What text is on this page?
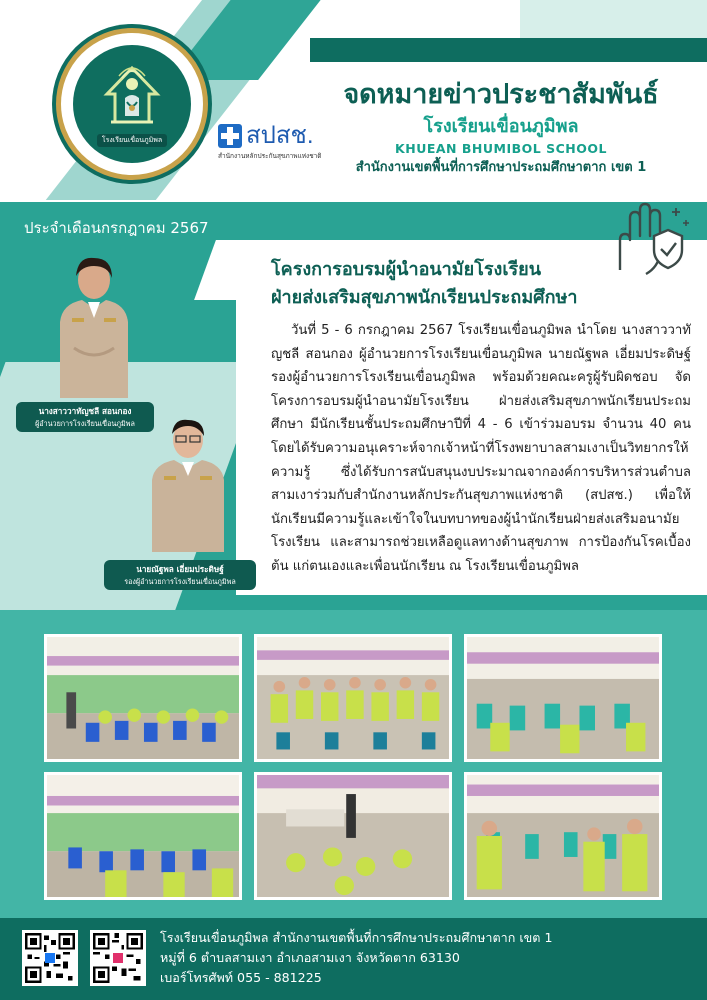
โรงเรียนเขื่อนภูมิพล	สปสช.
สำนักงานหลักประกันสุขภาพแห่งชาติ
จดหมายข่าวประชาสัมพันธ์
โรงเรียนเขื่อนภูมิพล
KHUEAN BHUMIBOL SCHOOL
สำนักงานเขตพื้นที่การศึกษาประถมศึกษาตาก เขต 1
ประจำเดือนกรกฎาคม 2567
โครงการอบรมผู้นำอนามัยโรงเรียน
ฝ่ายส่งเสริมสุขภาพนักเรียนประถมศึกษา

วันที่ 5 - 6 กรกฎาคม 2567 โรงเรียนเขื่อนภูมิพล นำโดย นางสาววาทัญชลี สอนกอง ผู้อำนวยการโรงเรียนเขื่อนภูมิพล นายณัฐพล เอี่ยมประดิษฐ์ รองผู้อำนวยการโรงเรียนเขื่อนภูมิพล พร้อมด้วยคณะครูผู้รับผิดชอบ จัดโครงการอบรมผู้นำอนามัยโรงเรียน ฝ่ายส่งเสริมสุขภาพนักเรียนประถมศึกษา มีนักเรียนชั้นประถมศึกษาปีที่ 4 - 6 เข้าร่วมอบรม จำนวน 40 คน โดยได้รับความอนุเคราะห์จากเจ้าหน้าที่โรงพยาบาลสามเงาเป็นวิทยากรให้ความรู้ ซึ่งได้รับการสนับสนุนงบประมาณจากองค์การบริหารส่วนตำบลสามเงาร่วมกับสำนักงานหลักประกันสุขภาพแห่งชาติ (สปสช.) เพื่อให้นักเรียนมีความรู้และเข้าใจในบทบาทของผู้นำนักเรียนฝ่ายส่งเสริมอนามัยโรงเรียน และสามารถช่วยเหลือดูแลทางด้านสุขภาพ การป้องกันโรคเบื้องต้น แก่ตนเองและเพื่อนนักเรียน ณ โรงเรียนเขื่อนภูมิพล

นางสาววาทัญชลี สอนกอง
ผู้อำนวยการโรงเรียนเขื่อนภูมิพล
นายณัฐพล เอี่ยมประดิษฐ์
รองผู้อำนวยการโรงเรียนเขื่อนภูมิพล
โรงเรียนเขื่อนภูมิพล สำนักงานเขตพื้นที่การศึกษาประถมศึกษาตาก เขต 1
หมู่ที่ 6 ตำบลสามเงา อำเภอสามเงา จังหวัดตาก 63130
เบอร์โทรศัพท์ 055 - 881225
